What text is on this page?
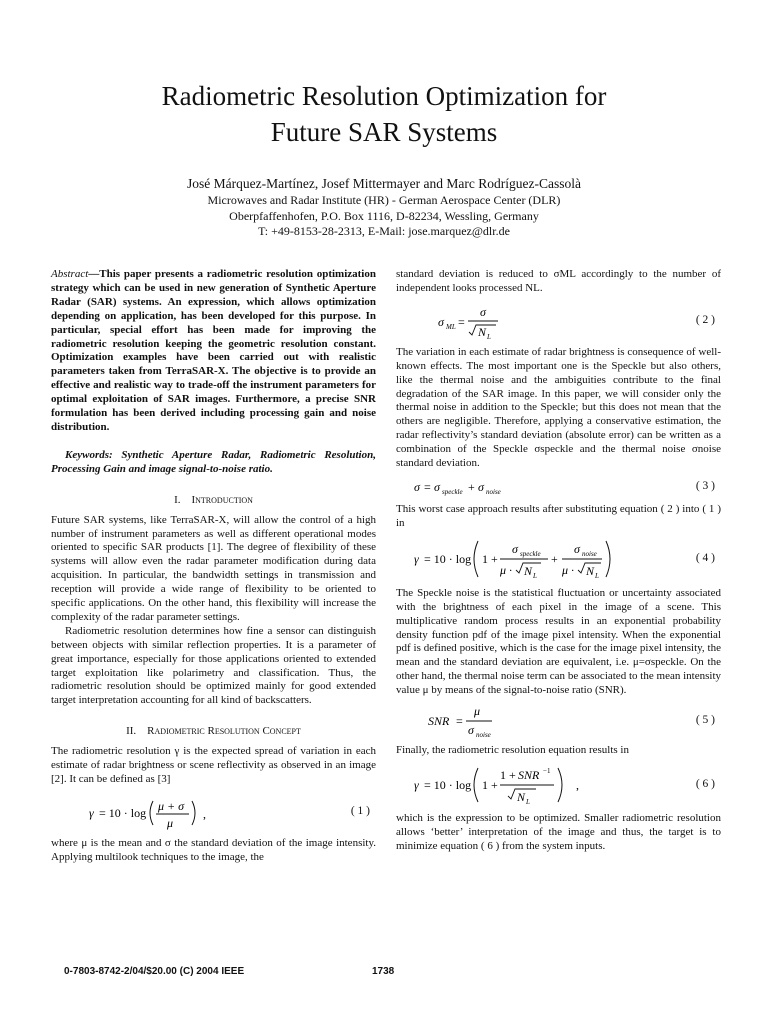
Radiometric Resolution Optimization for
Future SAR Systems
José Márquez-Martínez, Josef Mittermayer and Marc Rodríguez-Cassolà
Microwaves and Radar Institute (HR) - German Aerospace Center (DLR)
Oberpfaffenhofen, P.O. Box 1116, D-82234, Wessling, Germany
T: +49-8153-28-2313, E-Mail: jose.marquez@dlr.de

Abstract—This paper presents a radiometric resolution optimization strategy which can be used in new generation of Synthetic Aperture Radar (SAR) systems. An expression, which allows optimization depending on application, has been developed for this purpose. In particular, special effort has been made for improving the radiometric resolution keeping the geometric resolution constant. Optimization examples have been carried out with realistic parameters taken from TerraSAR-X. The objective is to provide an effective and realistic way to trade-off the instrument parameters for optimal exploitation of SAR images. Furthermore, a precise SNR formulation has been derived including processing gain and noise distribution.

Keywords: Synthetic Aperture Radar, Radiometric Resolution, Processing Gain and image signal-to-noise ratio.

I. Introduction

Future SAR systems, like TerraSAR-X, will allow the control of a high number of instrument parameters as well as different operational modes oriented to specific SAR products [1]. The degree of flexibility of these systems will allow even the radar parameter modification during data acquisition. In particular, the bandwidth settings in transmission and reception will provide a wide range of flexibility to be oriented to specific applications. On the other hand, this flexibility will increase the complexity of the radar parameter settings.

Radiometric resolution determines how fine a sensor can distinguish between objects with similar reflection properties. It is a parameter of great importance, especially for those applications oriented to extended target exploitation like polarimetry and classification. Thus, the radiometric resolution should be optimized mainly for good extended target interpretation accounting for all kind of backscatters.

II. Radiometric Resolution Concept

The radiometric resolution γ is the expected spread of variation in each estimate of radar brightness or scene reflectivity as observed in an image [2]. It can be defined as [3]

γ = 10 · log μ + σ
μ
,	( 1 )

where μ is the mean and σ the standard deviation of the image intensity. Applying multilook techniques to the image, the

standard deviation is reduced to σML accordingly to the number of independent looks processed NL.

σ ML =
σ
N L
( 2 )

The variation in each estimate of radar brightness is consequence of well-known effects. The most important one is the Speckle but also others, like the thermal noise and the ambiguities contribute to the final degradation of the SAR image. In this paper, we will consider only the thermal noise in addition to the Speckle; but this does not mean that the others are negligible. Therefore, applying a conservative estimation, the radar reflectivity’s standard deviation (absolute error) can be written as a combination of the Speckle σspeckle and the thermal noise σnoise standard deviation.

σ = σ speckle + σ noise	( 3 )

This worst case approach results after substituting equation ( 2 ) into ( 1 ) in

γ = 10 · log 1 +
σ speckle
μ · N L
+
σ noise
μ · N L
( 4 )

The Speckle noise is the statistical fluctuation or uncertainty associated with the brightness of each pixel in the image of a scene. This multiplicative random process results in an exponential probability density function pdf of the image pixel intensity. When the exponential pdf is defined positive, which is the case for the image pixel intensity, the mean and the standard deviation are equivalent, i.e. μ=σspeckle. On the other hand, the thermal noise term can be associated to the mean intensity value μ by means of the signal-to-noise ratio (SNR).

SNR =
μ
σ noise
( 5 )

Finally, the radiometric resolution equation results in

γ = 10 · log 1 +
1 + SNR −1
N L
,	( 6 )

which is the expression to be optimized. Smaller radiometric resolution allows ‘better’ interpretation of the image and thus, the target is to minimize equation ( 6 ) from the system inputs.

0-7803-8742-2/04/$20.00 (C) 2004 IEEE	1738
